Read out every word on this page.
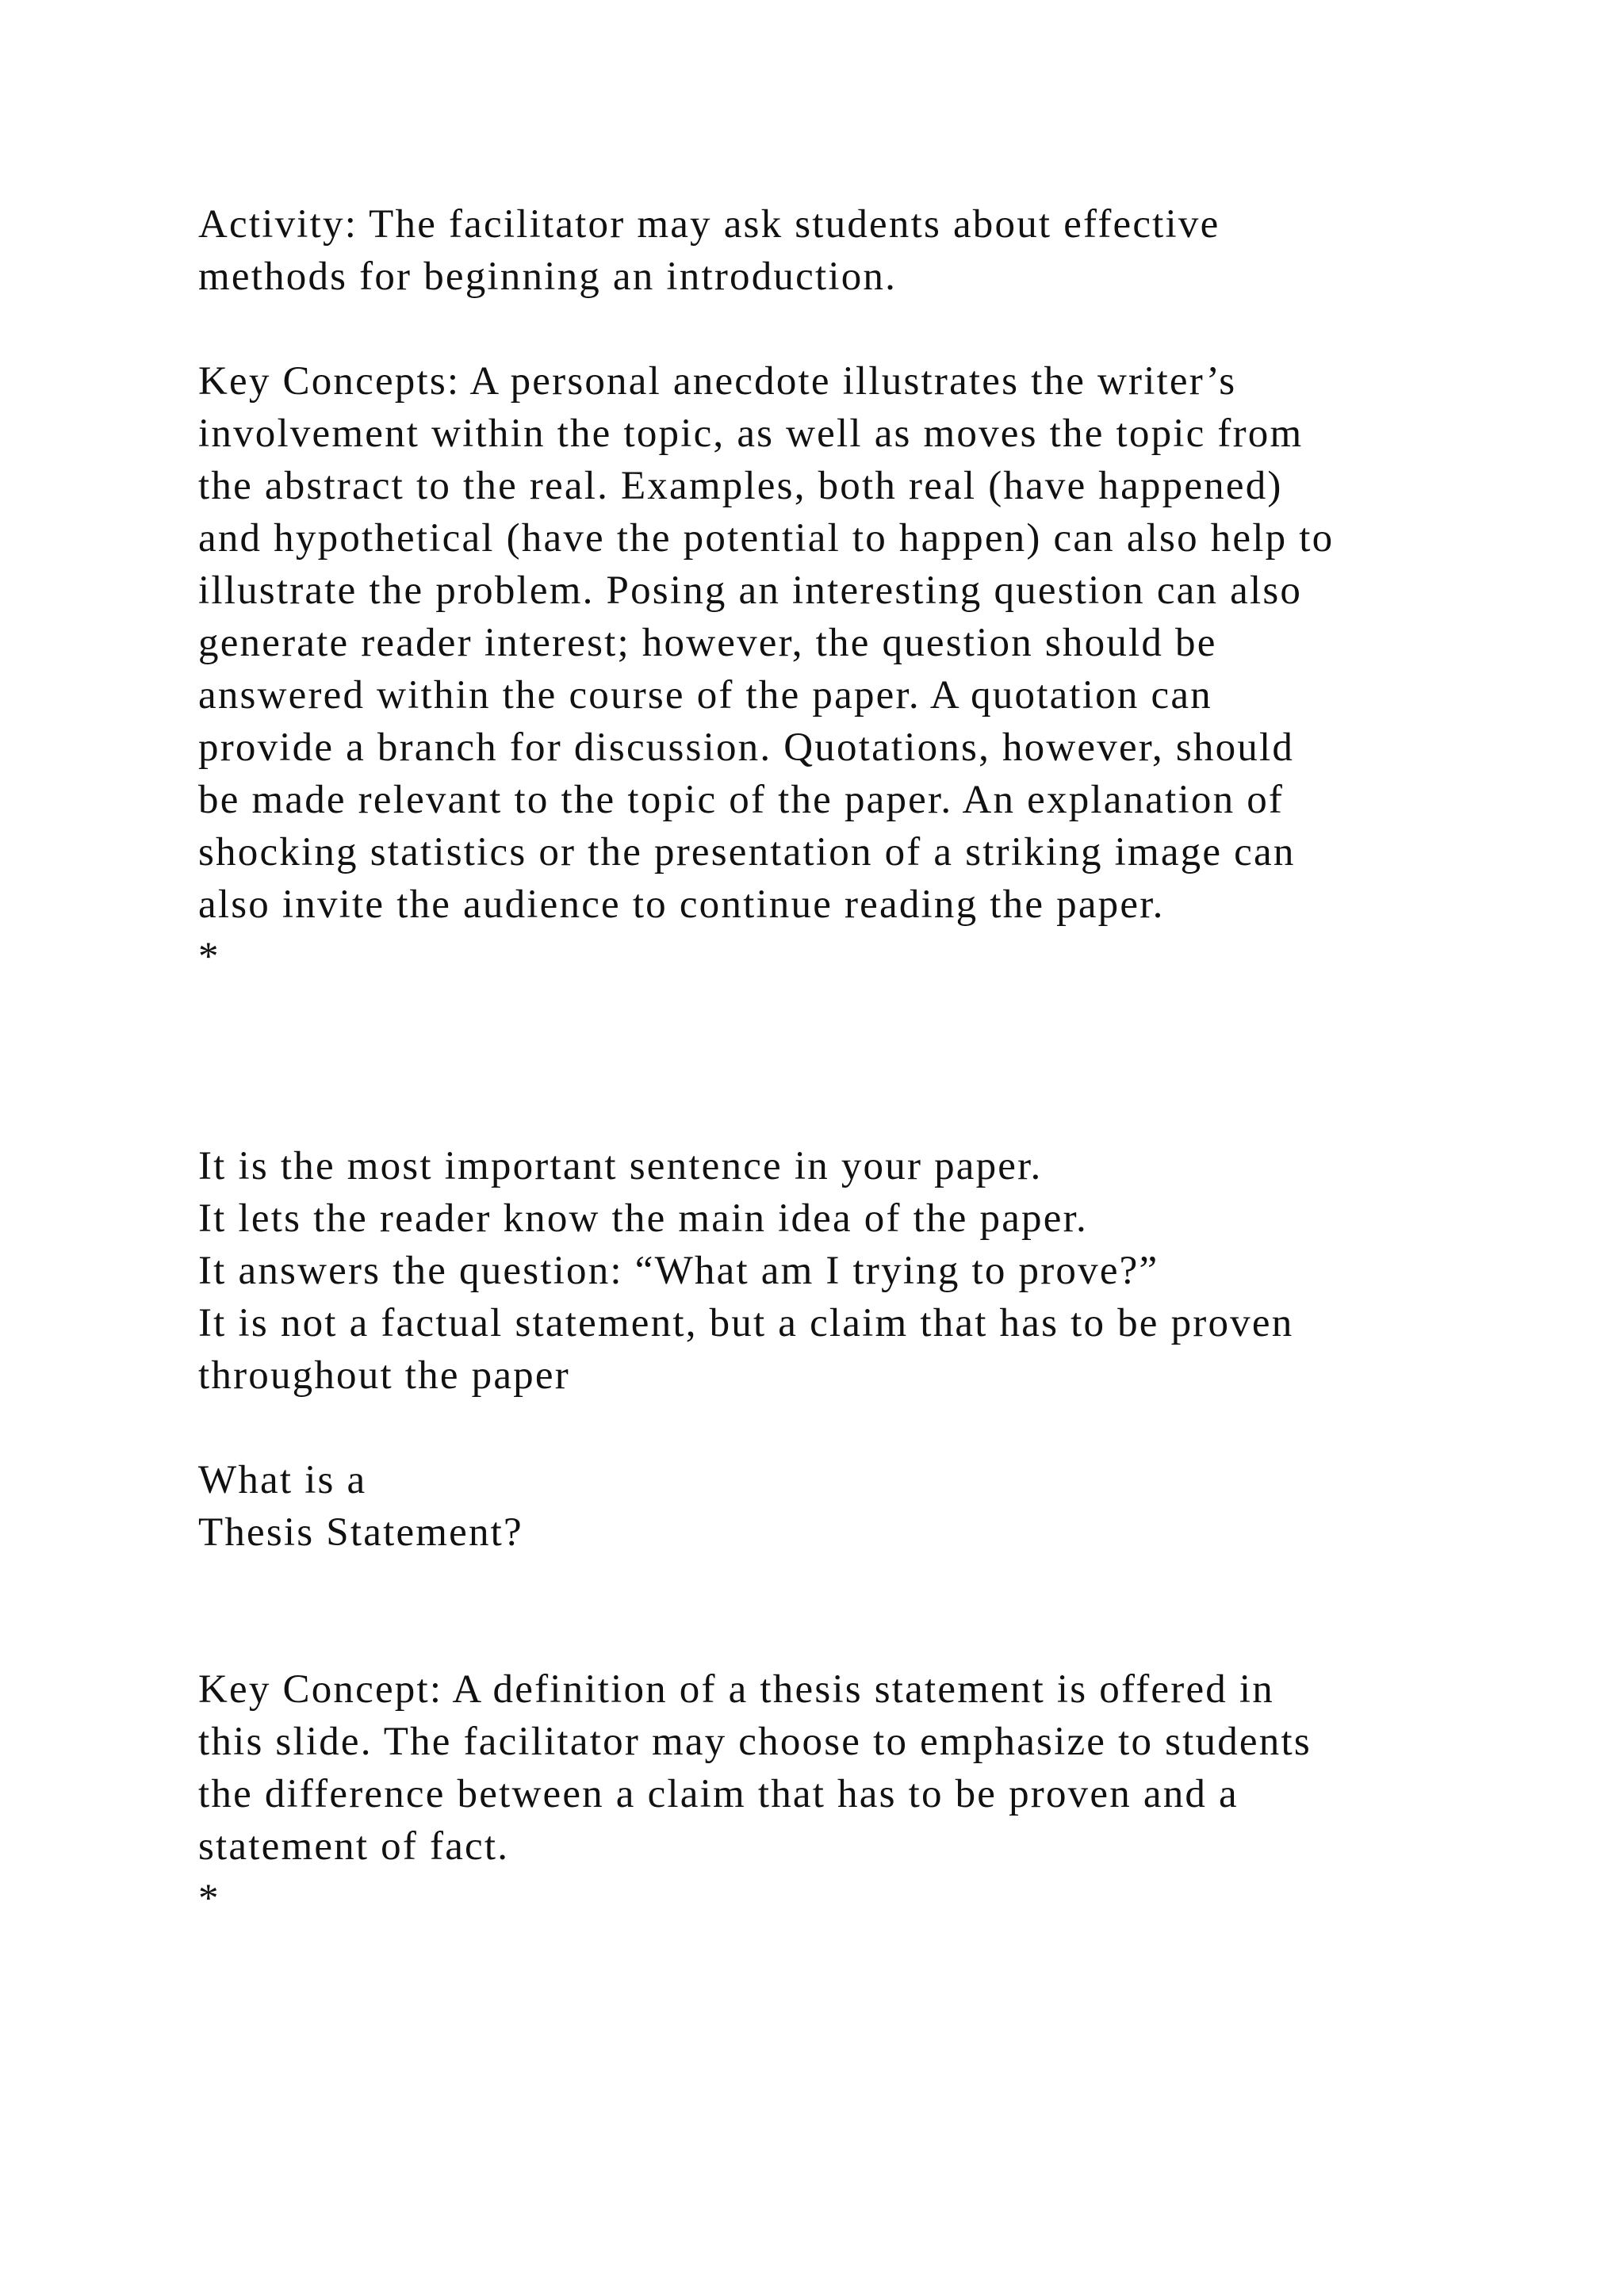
Activity: The facilitator may ask students about effective

methods for beginning an introduction.

Key Concepts: A personal anecdote illustrates the writer’s

involvement within the topic, as well as moves the topic from

the abstract to the real. Examples, both real (have happened)

and hypothetical (have the potential to happen) can also help to

illustrate the problem. Posing an interesting question can also

generate reader interest; however, the question should be

answered within the course of the paper. A quotation can

provide a branch for discussion. Quotations, however, should

be made relevant to the topic of the paper. An explanation of

shocking statistics or the presentation of a striking image can

also invite the audience to continue reading the paper.

*

It is the most important sentence in your paper.

It lets the reader know the main idea of the paper.

It answers the question: “What am I trying to prove?”

It is not a factual statement, but a claim that has to be proven

throughout the paper

What is a

Thesis Statement?

Key Concept: A definition of a thesis statement is offered in

this slide. The facilitator may choose to emphasize to students

the difference between a claim that has to be proven and a

statement of fact.

*
